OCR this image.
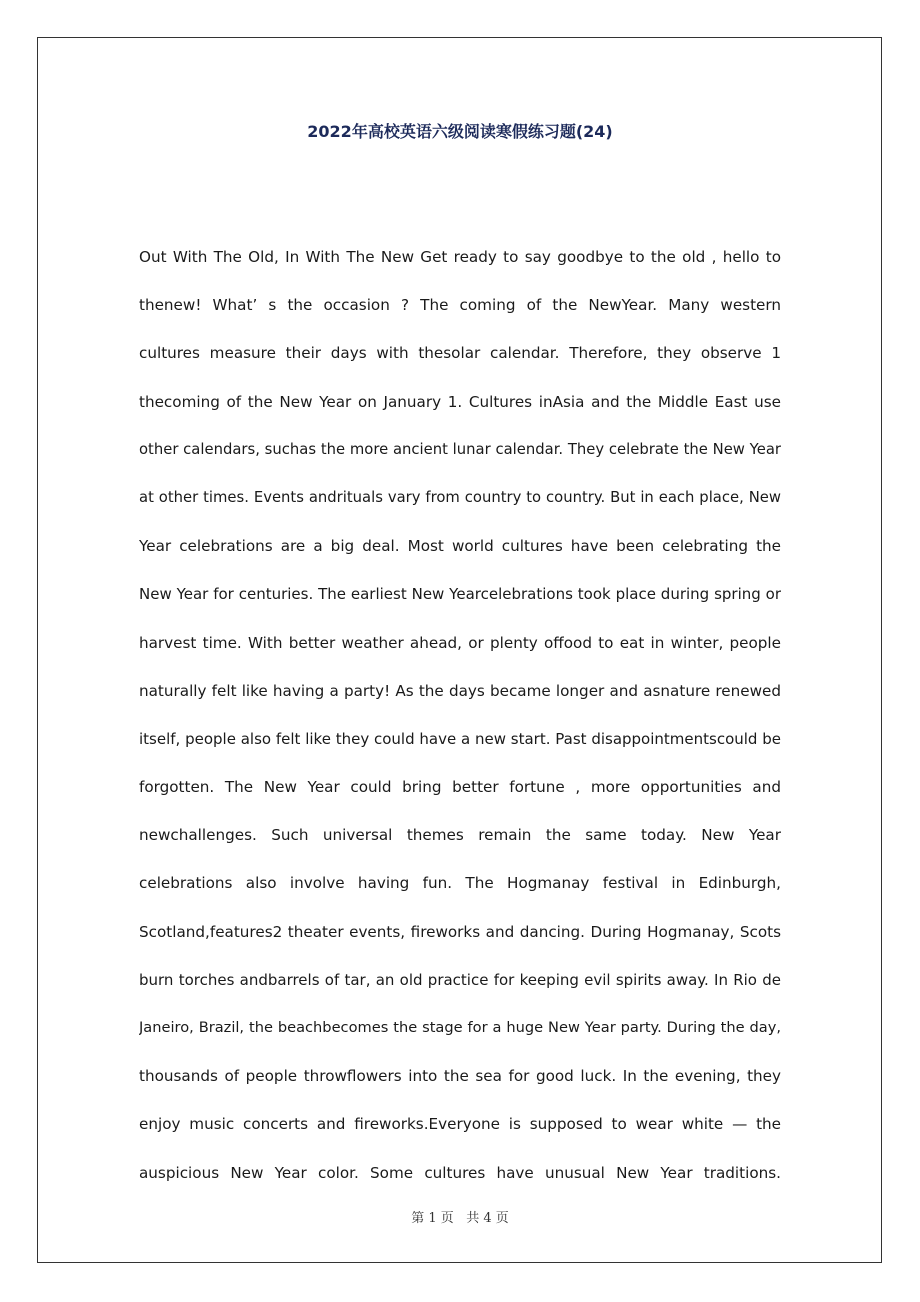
2022年高校英语六级阅读寒假练习题(24)
Out With The Old, In With The New Get ready to say goodbye to the old , hello to
thenew! What’ s the occasion ? The coming of the NewYear. Many western
cultures measure their days with thesolar calendar. Therefore, they observe 1
thecoming of the New Year on January 1. Cultures inAsia and the Middle East use
other calendars, suchas the more ancient lunar calendar. They celebrate the New Year
at other times. Events andrituals vary from country to country. But in each place, New
Year celebrations are a big deal. Most world cultures have been celebrating the
New Year for centuries. The earliest New Yearcelebrations took place during spring or
harvest time. With better weather ahead, or plenty offood to eat in winter, people
naturally felt like having a party! As the days became longer and asnature renewed
itself, people also felt like they could have a new start. Past disappointmentscould be
forgotten. The New Year could bring better fortune , more opportunities and
newchallenges. Such universal themes remain the same today. New Year
celebrations also involve having fun. The Hogmanay festival in Edinburgh,
Scotland,features2 theater events, fireworks and dancing. During Hogmanay, Scots
burn torches andbarrels of tar, an old practice for keeping evil spirits away. In Rio de
Janeiro, Brazil, the beachbecomes the stage for a huge New Year party. During the day,
thousands of people throwflowers into the sea for good luck. In the evening, they
enjoy music concerts and fireworks.Everyone is supposed to wear white — the
auspicious New Year color. Some cultures have unusual New Year traditions.
第 1 页   共 4 页
